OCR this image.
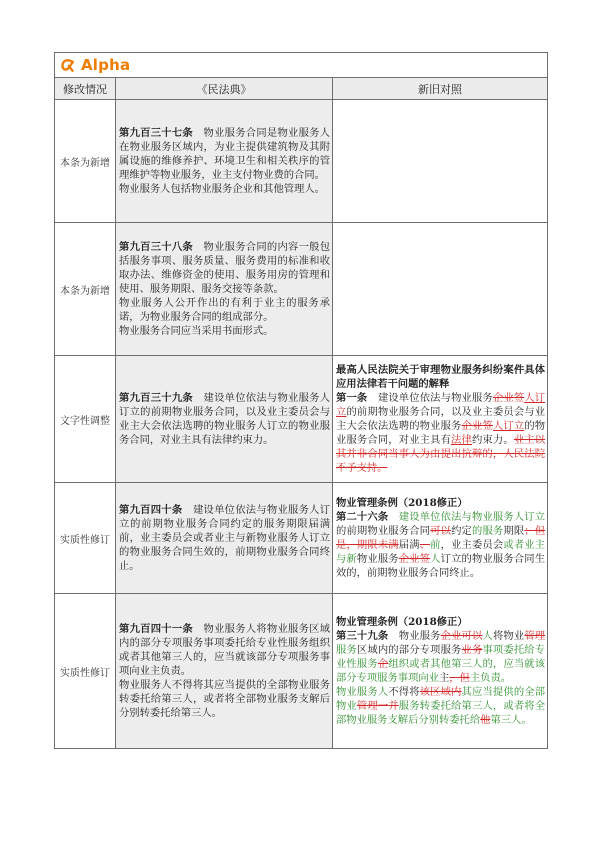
Alpha		

修改情况	《民法典》	新旧对照
本条为新增	第九百三十七条　 物业服务合同是物业服务人在物业服务区域内，为业主提供建筑物及其附属设施的维修养护、环境卫生和相关秩序的管理维护等物业服务，业主支付物业费的合同。
物业服务人包括物业服务企业和其他管理人。	

本条为新增	第九百三十八条　 物业服务合同的内容一般包括服务事项、服务质量、服务费用的标准和收取办法、维修资金的使用、服务用房的管理和使用、服务期限、服务交接等条款。
物业服务人公开作出的有利于业主的服务承诺，为物业服务合同的组成部分。
物业服务合同应当采用书面形式。	

文字性调整	第九百三十九条　 建设单位依法与物业服务人订立的前期物业服务合同，以及业主委员会与业主大会依法选聘的物业服务人订立的物业服务合同，对业主具有法律约束力。	最高人民法院关于审理物业服务纠纷案件具体应用法律若干问题的解释
第一条　 建设单位依法与物业服务企业签人订立的前期物业服务合同，以及业主委员会与业主大会依法选聘的物业服务企业签人订立的物业服务合同，对业主具有法律约束力。业主以其并非合同当事人为由提出抗辩的，人民法院不予支持。

实质性修订	第九百四十条　 建设单位依法与物业服务人订立的前期物业服务合同约定的服务期限届满前，业主委员会或者业主与新物业服务人订立的物业服务合同生效的，前期物业服务合同终止。	物业管理条例（2018修正）
第二十六条　 建设单位依法与物业服务人订立的前期物业服务合同可以约定的服务期限；但是，期限未满届满、前，业主委员会或者业主与新物业服务企业签人订立的物业服务合同生效的，前期物业服务合同终止。

实质性修订	第九百四十一条　 物业服务人将物业服务区域内的部分专项服务事项委托给专业性服务组织或者其他第三人的，应当就该部分专项服务事项向业主负责。
物业服务人不得将其应当提供的全部物业服务转委托给第三人，或者将全部物业服务支解后分别转委托给第三人。	物业管理条例（2018修正）
第三十九条　 物业服务企业可以人将物业管理服务区域内的部分专项服务业务事项委托给专业性服务企组织或者其他第三人的，应当就该部分专项服务事项向业主，但主负责。
物业服务人不得将该区域内其应当提供的全部物业管理一并服务转委托给第三人，或者将全部物业服务支解后分别转委托给他第三人。
